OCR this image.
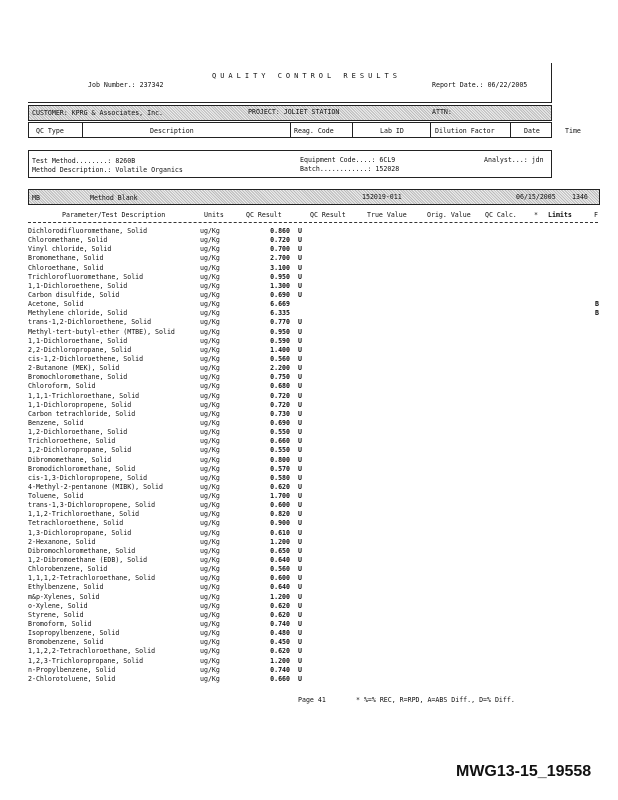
QUALITY CONTROL RESULTS
Job Number.: 237342	Report Date.: 06/22/2005
CUSTOMER: KPRG & Associates, Inc.	PROJECT: JOLIET STATION	ATTN:
QC Type	Description	Reag. Code	Lab ID	Dilution Factor	Date	Time
Test Method........: 8260B
Method Description.: Volatile Organics
Equipment Code....: 6CL9
Batch............: 152028
Analyst...: jdn
MB	Method Blank	152019-011	06/15/2005 1346
Parameter/Test Description	Units	QC Result	QC Result	True Value	Orig. Value QC Calc.	* Limits	F
Dichlorodifluoromethane, Solid	ug/Kg	0.860 U
Chloromethane, Solid	ug/Kg	0.720 U
Vinyl chloride, Solid	ug/Kg	0.700 U
Bromomethane, Solid	ug/Kg	2.700 U
Chloroethane, Solid	ug/Kg	3.100 U
Trichlorofluoromethane, Solid	ug/Kg	0.950 U
1,1-Dichloroethene, Solid	ug/Kg	1.300 U
Carbon disulfide, Solid	ug/Kg	0.690 U
Acetone, Solid	ug/Kg	6.669	B
Methylene chloride, Solid	ug/Kg	6.335	B
trans-1,2-Dichloroethene, Solid	ug/Kg	0.770 U
Methyl-tert-butyl-ether (MTBE), Solid	ug/Kg	0.950 U
1,1-Dichloroethane, Solid	ug/Kg	0.590 U
2,2-Dichloropropane, Solid	ug/Kg	1.400 U
cis-1,2-Dichloroethene, Solid	ug/Kg	0.560 U
2-Butanone (MEK), Solid	ug/Kg	2.200 U
Bromochloromethane, Solid	ug/Kg	0.750 U
Chloroform, Solid	ug/Kg	0.680 U
1,1,1-Trichloroethane, Solid	ug/Kg	0.720 U
1,1-Dichloropropene, Solid	ug/Kg	0.720 U
Carbon tetrachloride, Solid	ug/Kg	0.730 U
Benzene, Solid	ug/Kg	0.690 U
1,2-Dichloroethane, Solid	ug/Kg	0.550 U
Trichloroethene, Solid	ug/Kg	0.660 U
1,2-Dichloropropane, Solid	ug/Kg	0.550 U
Dibromomethane, Solid	ug/Kg	0.800 U
Bromodichloromethane, Solid	ug/Kg	0.570 U
cis-1,3-Dichloropropene, Solid	ug/Kg	0.580 U
4-Methyl-2-pentanone (MIBK), Solid	ug/Kg	0.620 U
Toluene, Solid	ug/Kg	1.700 U
trans-1,3-Dichloropropene, Solid	ug/Kg	0.600 U
1,1,2-Trichloroethane, Solid	ug/Kg	0.820 U
Tetrachloroethene, Solid	ug/Kg	0.900 U
1,3-Dichloropropane, Solid	ug/Kg	0.610 U
2-Hexanone, Solid	ug/Kg	1.200 U
Dibromochloromethane, Solid	ug/Kg	0.650 U
1,2-Dibromoethane (EDB), Solid	ug/Kg	0.640 U
Chlorobenzene, Solid	ug/Kg	0.560 U
1,1,1,2-Tetrachloroethane, Solid	ug/Kg	0.600 U
Ethylbenzene, Solid	ug/Kg	0.640 U
m&p-Xylenes, Solid	ug/Kg	1.200 U
o-Xylene, Solid	ug/Kg	0.620 U
Styrene, Solid	ug/Kg	0.620 U
Bromoform, Solid	ug/Kg	0.740 U
Isopropylbenzene, Solid	ug/Kg	0.480 U
Bromobenzene, Solid	ug/Kg	0.450 U
1,1,2,2-Tetrachloroethane, Solid	ug/Kg	0.620 U
1,2,3-Trichloropropane, Solid	ug/Kg	1.200 U
n-Propylbenzene, Solid	ug/Kg	0.740 U
2-Chlorotoluene, Solid	ug/Kg	0.660 U
Page 41	* %=% REC, R=RPD, A=ABS Diff., D=% Diff.
MWG13-15_19558
